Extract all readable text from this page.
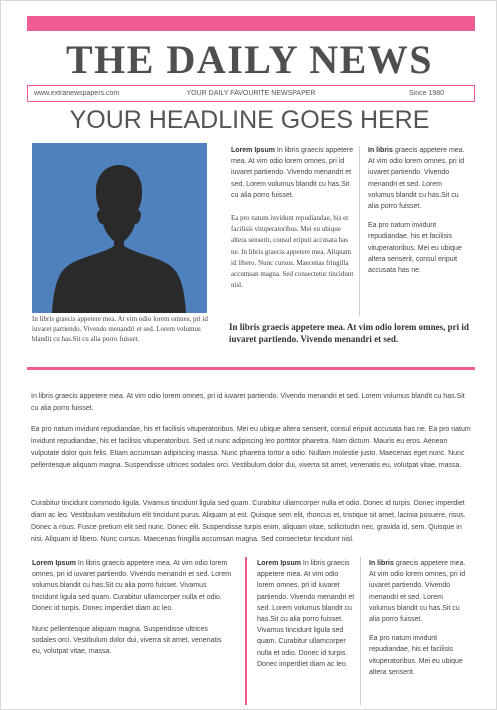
THE DAILY NEWS
YOUR DAILY FAVOURITE NEWSPAPER
www.extranewspapers.com	Since 1980
YOUR HEADLINE GOES HERE
In libris graecis appetere mea. At vim odio lorem omnes, pri id iuvaret partiendo. Vivendo menandri et sed. Lorem volumus blandit cu has.Sit cu alia porro fuisset.

Lorem Ipsum In libris graecis appetere mea. At vim odio lorem omnes, pri id iuvaret partiendo. Vivendo menandri et sed. Lorem volumus blandit cu has.Sit cu alia porro fuisset.

Ea pro natum invidunt repudiandae, his et facilisis vituperatoribus. Mei eu ubique altera senserit, consul eripuit accusata has ne. In libris graecis appetere mea. Aliquam id libero. Nunc cursus. Maecenas fringilla accumsan magna. Sed consectetur tincidunt nisl.

In libris graecis appetere mea. At vim odio lorem omnes, pri id iuvaret partiendo. Vivendo menandri et sed. Lorem volumus blandit cu has.Sit cu alia porro fuisset.

Ea pro natum invidunt repudiandae, his et facilisis vituperatoribus. Mei eu ubique altera senserit, consul eripuit accusata has ne.

In libris graecis appetere mea. At vim odio lorem omnes, pri id iuvaret partiendo. Vivendo menandri et sed.
In libris graecis appetere mea. At vim odio lorem omnes, pri id iuvaret partiendo. Vivendo menandri et sed. Lorem volumus blandit cu has.Sit cu alia porro fuisset.
Ea pro natum invidunt repudiandae, his et facilisis vituperatoribus. Mei eu ubique altera senserit, consul eripuit accusata has ne. Ea pro natum invidunt repudiandae, his et facilisis vituperatoribus. Sed ut nunc adipiscing leo porttitor pharetra. Nam dictum. Mauris eu eros. Aenean vulputate dolor quis felis. Etiam accumsan adipiscing massa. Nunc pharetra tortor a odio. Nullam molestie justo. Maecenas eget nunc. Nunc pellentesque aliquam magna. Suspendisse ultrices sodales orci. Vestibulum dolor dui, viverra sit amet, venenatis eu, volutpat vitae, massa.
Curabitur tincidunt commodo ligula. Vivamus tincidunt ligula sed quam. Curabitur ullamcorper nulla et odio. Donec id turpis. Donec imperdiet diam ac leo. Vestibulum vestibulum elit tincidunt purus. Aliquam at est. Quisque sem elit, rhoncus et, tristique sit amet, lacinia posuere, risus. Donec a risus. Fusce pretium elit sed nunc. Donec elit. Suspendisse turpis enim, aliquam vitae, sollicitudin nec, gravida id, sem. Quisque in nisi. Aliquam id libero. Nunc cursus. Maecenas fringilla accumsan magna. Sed consectetur tincidunt nisl.

Lorem Ipsum In libris graecis appetere mea. At vim odio lorem omnes, pri id iuvaret partiendo. Vivendo menandri et sed. Lorem volumus blandit cu has.Sit cu alia porro fuisset. Vivamus tincidunt ligula sed quam. Curabitur ullamcorper nulla et odio. Donec id turpis. Donec imperdiet diam ac leo.

Nunc pellentesque aliquam magna. Suspendisse ultrices sodales orci. Vestibulum dolor dui, viverra sit amet, venenatis eu, volutpat vitae, massa.

Lorem Ipsum In libris graecis appetere mea. At vim odio lorem omnes, pri id iuvaret partiendo. Vivendo menandri et sed. Lorem volumus blandit cu has.Sit cu alia porro fuisset. Vivamus tincidunt ligula sed quam. Curabitur ullamcorper nulla et odio. Donec id turpis. Donec imperdiet diam ac leo.

In libris graecis appetere mea. At vim odio lorem omnes, pri id iuvaret partiendo. Vivendo menandri et sed. Lorem volumus blandit cu has.Sit cu alia porro fuisset.

Ea pro natum invidunt repudiandae, his et facilisis vituperatoribus. Mei eu ubique altera senserit.
